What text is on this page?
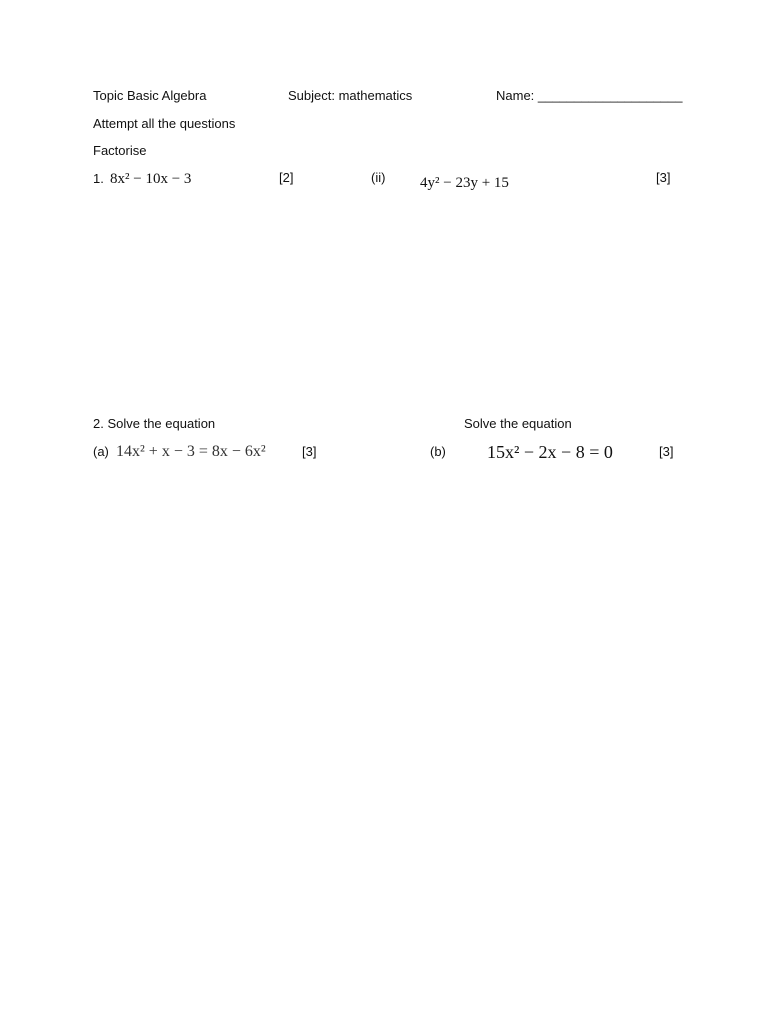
Topic Basic Algebra	Subject: mathematics	Name: ____________________
Attempt all the questions
Factorise
1. 8x² − 10x − 3	[2]	(ii) 4y² − 23y + 15	[3]
2. Solve the equation	Solve the equation
(a) 14x² + x − 3 = 8x − 6x²	[3]	(b) 15x² − 2x − 8 = 0	[3]
